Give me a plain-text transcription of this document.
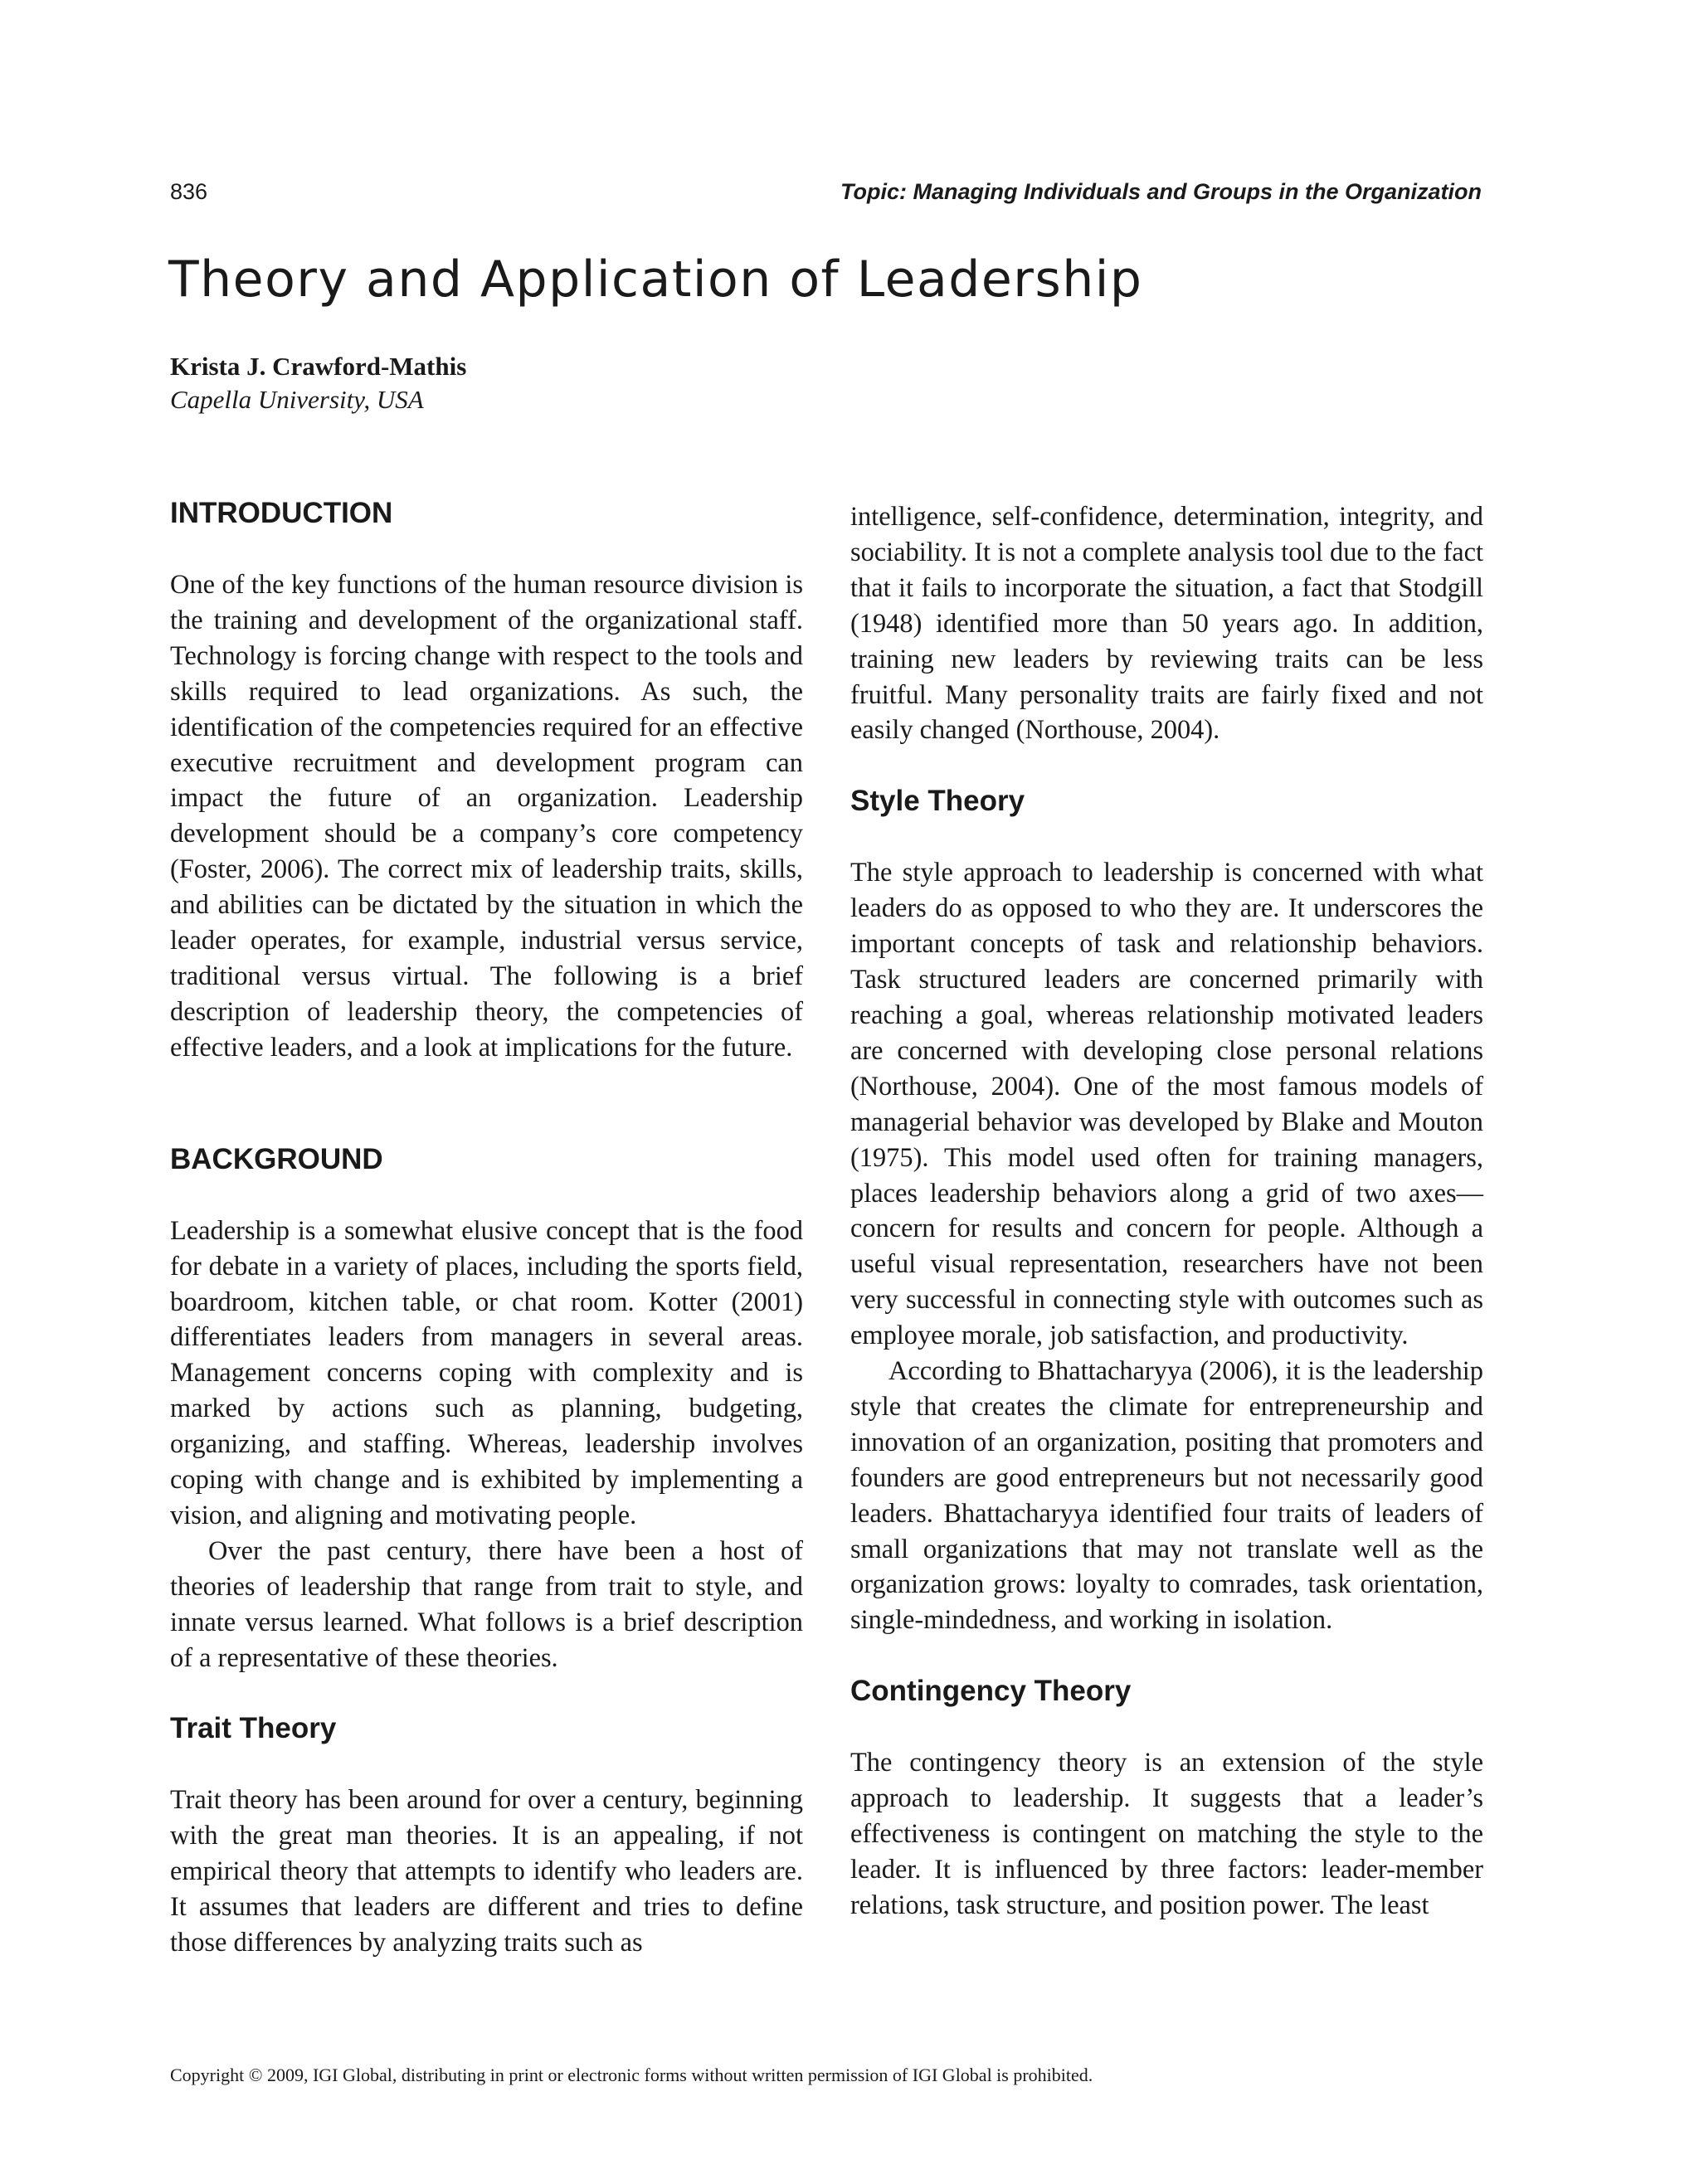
836	Topic: Managing Individuals and Groups in the Organization
Theory and Application of Leadership
Krista J. Crawford-Mathis
Capella University, USA
INTRODUCTION

One of the key functions of the human resource division is the training and development of the organizational staff. Technology is forcing change with respect to the tools and skills required to lead organizations. As such, the identification of the competencies required for an effective executive recruitment and development program can impact the future of an organization. Leadership development should be a company’s core competency (Foster, 2006). The correct mix of leadership traits, skills, and abilities can be dictated by the situation in which the leader operates, for example, industrial versus service, traditional versus virtual. The following is a brief description of leadership theory, the competencies of effective leaders, and a look at implications for the future.

BACKGROUND

Leadership is a somewhat elusive concept that is the food for debate in a variety of places, including the sports field, boardroom, kitchen table, or chat room. Kotter (2001) differentiates leaders from managers in several areas. Management concerns coping with complexity and is marked by actions such as planning, budgeting, organizing, and staffing. Whereas, leadership involves coping with change and is exhibited by implementing a vision, and aligning and motivating people.

Over the past century, there have been a host of theories of leadership that range from trait to style, and innate versus learned. What follows is a brief description of a representative of these theories.

Trait Theory

Trait theory has been around for over a century, beginning with the great man theories. It is an appealing, if not empirical theory that attempts to identify who leaders are. It assumes that leaders are different and tries to define those differences by analyzing traits such as

intelligence, self-confidence, determination, integrity, and sociability. It is not a complete analysis tool due to the fact that it fails to incorporate the situation, a fact that Stodgill (1948) identified more than 50 years ago. In addition, training new leaders by reviewing traits can be less fruitful. Many personality traits are fairly fixed and not easily changed (Northouse, 2004).

Style Theory

The style approach to leadership is concerned with what leaders do as opposed to who they are. It underscores the important concepts of task and relationship behaviors. Task structured leaders are concerned primarily with reaching a goal, whereas relationship motivated leaders are concerned with developing close personal relations (Northouse, 2004). One of the most famous models of managerial behavior was developed by Blake and Mouton (1975). This model used often for training managers, places leadership behaviors along a grid of two axes—concern for results and concern for people. Although a useful visual representation, researchers have not been very successful in connecting style with outcomes such as employee morale, job satisfaction, and productivity.

According to Bhattacharyya (2006), it is the leadership style that creates the climate for entrepreneurship and innovation of an organization, positing that promoters and founders are good entrepreneurs but not necessarily good leaders. Bhattacharyya identified four traits of leaders of small organizations that may not translate well as the organization grows: loyalty to comrades, task orientation, single-mindedness, and working in isolation.

Contingency Theory

The contingency theory is an extension of the style approach to leadership. It suggests that a leader’s effectiveness is contingent on matching the style to the leader. It is influenced by three factors: leader-member relations, task structure, and position power. The least

Copyright © 2009, IGI Global, distributing in print or electronic forms without written permission of IGI Global is prohibited.
